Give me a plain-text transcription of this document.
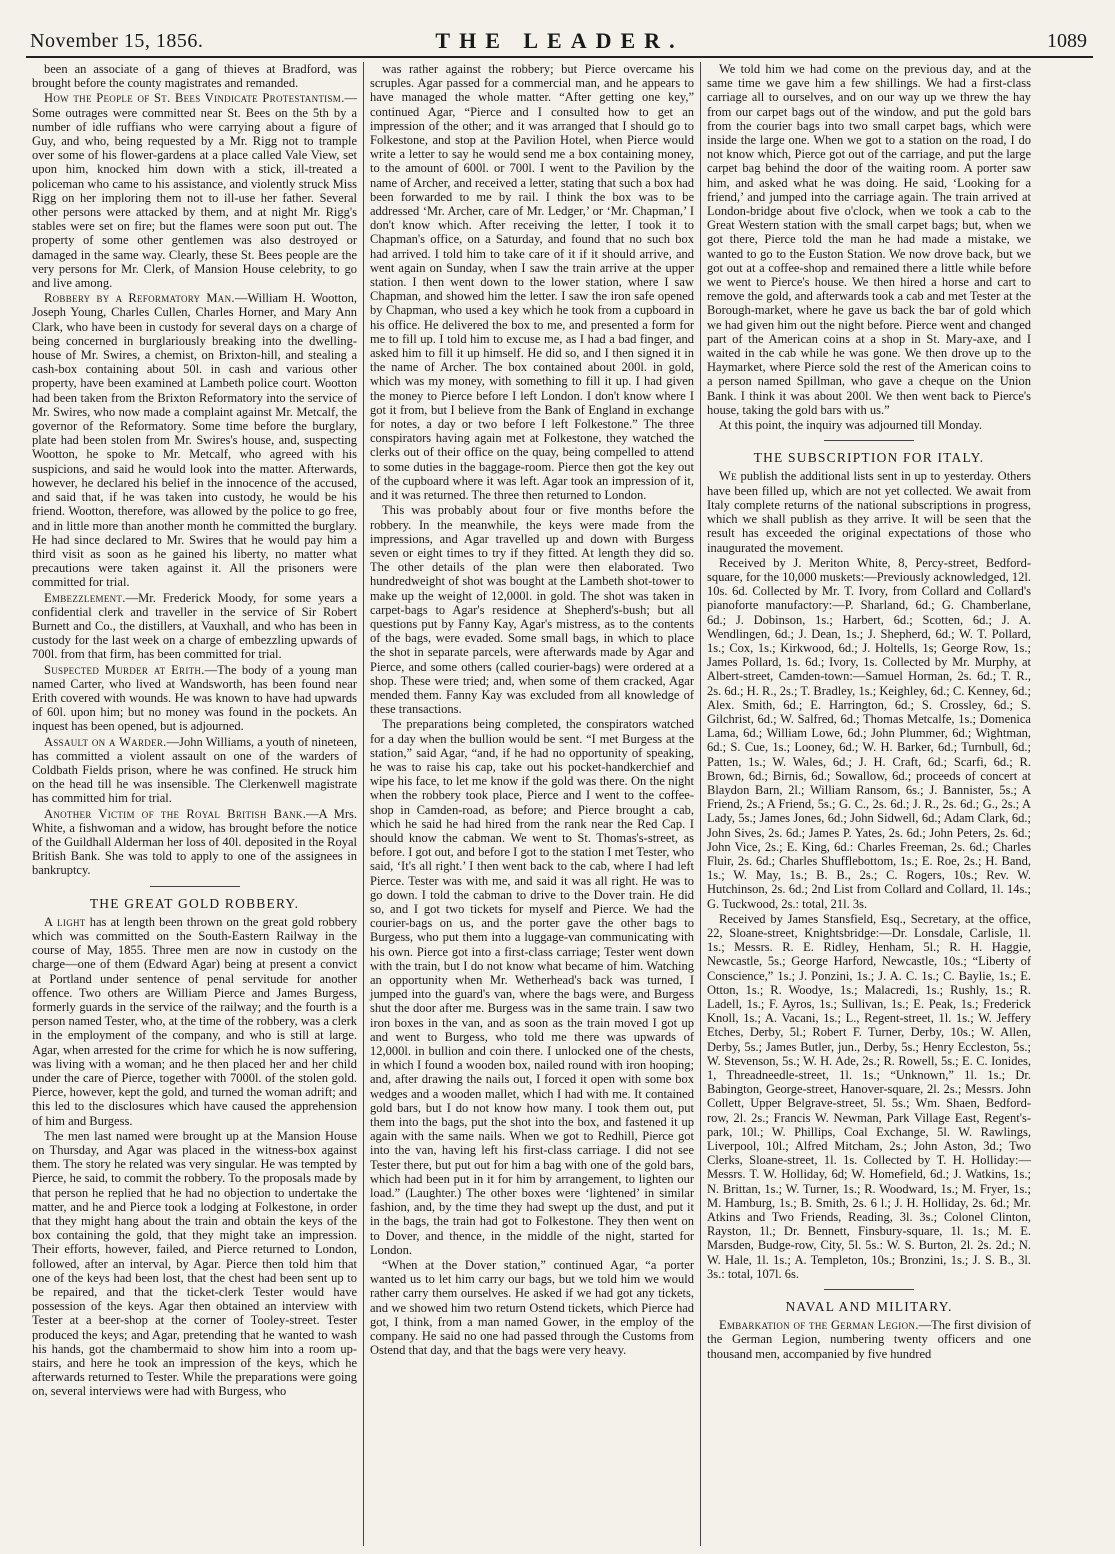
November 15, 1856.	THE LEADER.	1089

been an associate of a gang of thieves at Bradford, was brought before the county magistrates and remanded.

How the People of St. Bees Vindicate Protestantism.—Some outrages were committed near St. Bees on the 5th by a number of idle ruffians who were carrying about a figure of Guy, and who, being requested by a Mr. Rigg not to trample over some of his flower-gardens at a place called Vale View, set upon him, knocked him down with a stick, ill-treated a policeman who came to his assistance, and violently struck Miss Rigg on her imploring them not to ill-use her father. Several other persons were attacked by them, and at night Mr. Rigg's stables were set on fire; but the flames were soon put out. The property of some other gentlemen was also destroyed or damaged in the same way. Clearly, these St. Bees people are the very persons for Mr. Clerk, of Mansion House celebrity, to go and live among.

Robbery by a Reformatory Man.—William H. Wootton, Joseph Young, Charles Cullen, Charles Horner, and Mary Ann Clark, who have been in custody for several days on a charge of being concerned in burglariously breaking into the dwelling-house of Mr. Swires, a chemist, on Brixton-hill, and stealing a cash-box containing about 50l. in cash and various other property, have been examined at Lambeth police court. Wootton had been taken from the Brixton Reformatory into the service of Mr. Swires, who now made a complaint against Mr. Metcalf, the governor of the Reformatory. Some time before the burglary, plate had been stolen from Mr. Swires's house, and, suspecting Wootton, he spoke to Mr. Metcalf, who agreed with his suspicions, and said he would look into the matter. Afterwards, however, he declared his belief in the innocence of the accused, and said that, if he was taken into custody, he would be his friend. Wootton, therefore, was allowed by the police to go free, and in little more than another month he committed the burglary. He had since declared to Mr. Swires that he would pay him a third visit as soon as he gained his liberty, no matter what precautions were taken against it. All the prisoners were committed for trial.

Embezzlement.—Mr. Frederick Moody, for some years a confidential clerk and traveller in the service of Sir Robert Burnett and Co., the distillers, at Vauxhall, and who has been in custody for the last week on a charge of embezzling upwards of 700l. from that firm, has been committed for trial.

Suspected Murder at Erith.—The body of a young man named Carter, who lived at Wandsworth, has been found near Erith covered with wounds. He was known to have had upwards of 60l. upon him; but no money was found in the pockets. An inquest has been opened, but is adjourned.

Assault on a Warder.—John Williams, a youth of nineteen, has committed a violent assault on one of the warders of Coldbath Fields prison, where he was confined. He struck him on the head till he was insensible. The Clerkenwell magistrate has committed him for trial.

Another Victim of the Royal British Bank.—A Mrs. White, a fishwoman and a widow, has brought before the notice of the Guildhall Alderman her loss of 40l. deposited in the Royal British Bank. She was told to apply to one of the assignees in bankruptcy.

THE GREAT GOLD ROBBERY.

A light has at length been thrown on the great gold robbery which was committed on the South-Eastern Railway in the course of May, 1855. Three men are now in custody on the charge—one of them (Edward Agar) being at present a convict at Portland under sentence of penal servitude for another offence. Two others are William Pierce and James Burgess, formerly guards in the service of the railway; and the fourth is a person named Tester, who, at the time of the robbery, was a clerk in the employment of the company, and who is still at large. Agar, when arrested for the crime for which he is now suffering, was living with a woman; and he then placed her and her child under the care of Pierce, together with 7000l. of the stolen gold. Pierce, however, kept the gold, and turned the woman adrift; and this led to the disclosures which have caused the apprehension of him and Burgess.

The men last named were brought up at the Mansion House on Thursday, and Agar was placed in the witness-box against them. The story he related was very singular. He was tempted by Pierce, he said, to commit the robbery. To the proposals made by that person he replied that he had no objection to undertake the matter, and he and Pierce took a lodging at Folkestone, in order that they might hang about the train and obtain the keys of the box containing the gold, that they might take an impression. Their efforts, however, failed, and Pierce returned to London, followed, after an interval, by Agar. Pierce then told him that one of the keys had been lost, that the chest had been sent up to be repaired, and that the ticket-clerk Tester would have possession of the keys. Agar then obtained an interview with Tester at a beer-shop at the corner of Tooley-street. Tester produced the keys; and Agar, pretending that he wanted to wash his hands, got the chambermaid to show him into a room up-stairs, and here he took an impression of the keys, which he afterwards returned to Tester. While the preparations were going on, several interviews were had with Burgess, who

was rather against the robbery; but Pierce overcame his scruples. Agar passed for a commercial man, and he appears to have managed the whole matter. “After getting one key,” continued Agar, “Pierce and I consulted how to get an impression of the other; and it was arranged that I should go to Folkestone, and stop at the Pavilion Hotel, when Pierce would write a letter to say he would send me a box containing money, to the amount of 600l. or 700l. I went to the Pavilion by the name of Archer, and received a letter, stating that such a box had been forwarded to me by rail. I think the box was to be addressed ‘Mr. Archer, care of Mr. Ledger,’ or ‘Mr. Chapman,’ I don't know which. After receiving the letter, I took it to Chapman's office, on a Saturday, and found that no such box had arrived. I told him to take care of it if it should arrive, and went again on Sunday, when I saw the train arrive at the upper station. I then went down to the lower station, where I saw Chapman, and showed him the letter. I saw the iron safe opened by Chapman, who used a key which he took from a cupboard in his office. He delivered the box to me, and presented a form for me to fill up. I told him to excuse me, as I had a bad finger, and asked him to fill it up himself. He did so, and I then signed it in the name of Archer. The box contained about 200l. in gold, which was my money, with something to fill it up. I had given the money to Pierce before I left London. I don't know where I got it from, but I believe from the Bank of England in exchange for notes, a day or two before I left Folkestone.” The three conspirators having again met at Folkestone, they watched the clerks out of their office on the quay, being compelled to attend to some duties in the baggage-room. Pierce then got the key out of the cupboard where it was left. Agar took an impression of it, and it was returned. The three then returned to London.

This was probably about four or five months before the robbery. In the meanwhile, the keys were made from the impressions, and Agar travelled up and down with Burgess seven or eight times to try if they fitted. At length they did so. The other details of the plan were then elaborated. Two hundredweight of shot was bought at the Lambeth shot-tower to make up the weight of 12,000l. in gold. The shot was taken in carpet-bags to Agar's residence at Shepherd's-bush; but all questions put by Fanny Kay, Agar's mistress, as to the contents of the bags, were evaded. Some small bags, in which to place the shot in separate parcels, were afterwards made by Agar and Pierce, and some others (called courier-bags) were ordered at a shop. These were tried; and, when some of them cracked, Agar mended them. Fanny Kay was excluded from all knowledge of these transactions.

The preparations being completed, the conspirators watched for a day when the bullion would be sent. “I met Burgess at the station,” said Agar, “and, if he had no opportunity of speaking, he was to raise his cap, take out his pocket-handkerchief and wipe his face, to let me know if the gold was there. On the night when the robbery took place, Pierce and I went to the coffee-shop in Camden-road, as before; and Pierce brought a cab, which he said he had hired from the rank near the Red Cap. I should know the cabman. We went to St. Thomas's-street, as before. I got out, and before I got to the station I met Tester, who said, ‘It's all right.’ I then went back to the cab, where I had left Pierce. Tester was with me, and said it was all right. He was to go down. I told the cabman to drive to the Dover train. He did so, and I got two tickets for myself and Pierce. We had the courier-bags on us, and the porter gave the other bags to Burgess, who put them into a luggage-van communicating with his own. Pierce got into a first-class carriage; Tester went down with the train, but I do not know what became of him. Watching an opportunity when Mr. Wetherhead's back was turned, I jumped into the guard's van, where the bags were, and Burgess shut the door after me. Burgess was in the same train. I saw two iron boxes in the van, and as soon as the train moved I got up and went to Burgess, who told me there was upwards of 12,000l. in bullion and coin there. I unlocked one of the chests, in which I found a wooden box, nailed round with iron hooping; and, after drawing the nails out, I forced it open with some box wedges and a wooden mallet, which I had with me. It contained gold bars, but I do not know how many. I took them out, put them into the bags, put the shot into the box, and fastened it up again with the same nails. When we got to Redhill, Pierce got into the van, having left his first-class carriage. I did not see Tester there, but put out for him a bag with one of the gold bars, which had been put in it for him by arrangement, to lighten our load.” (Laughter.) The other boxes were ‘lightened’ in similar fashion, and, by the time they had swept up the dust, and put it in the bags, the train had got to Folkestone. They then went on to Dover, and thence, in the middle of the night, started for London.

“When at the Dover station,” continued Agar, “a porter wanted us to let him carry our bags, but we told him we would rather carry them ourselves. He asked if we had got any tickets, and we showed him two return Ostend tickets, which Pierce had got, I think, from a man named Gower, in the employ of the company. He said no one had passed through the Customs from Ostend that day, and that the bags were very heavy.

We told him we had come on the previous day, and at the same time we gave him a few shillings. We had a first-class carriage all to ourselves, and on our way up we threw the hay from our carpet bags out of the window, and put the gold bars from the courier bags into two small carpet bags, which were inside the large one. When we got to a station on the road, I do not know which, Pierce got out of the carriage, and put the large carpet bag behind the door of the waiting room. A porter saw him, and asked what he was doing. He said, ‘Looking for a friend,’ and jumped into the carriage again. The train arrived at London-bridge about five o'clock, when we took a cab to the Great Western station with the small carpet bags; but, when we got there, Pierce told the man he had made a mistake, we wanted to go to the Euston Station. We now drove back, but we got out at a coffee-shop and remained there a little while before we went to Pierce's house. We then hired a horse and cart to remove the gold, and afterwards took a cab and met Tester at the Borough-market, where he gave us back the bar of gold which we had given him out the night before. Pierce went and changed part of the American coins at a shop in St. Mary-axe, and I waited in the cab while he was gone. We then drove up to the Haymarket, where Pierce sold the rest of the American coins to a person named Spillman, who gave a cheque on the Union Bank. I think it was about 200l. We then went back to Pierce's house, taking the gold bars with us.”

At this point, the inquiry was adjourned till Monday.

THE SUBSCRIPTION FOR ITALY.

We publish the additional lists sent in up to yesterday. Others have been filled up, which are not yet collected. We await from Italy complete returns of the national subscriptions in progress, which we shall publish as they arrive. It will be seen that the result has exceeded the original expectations of those who inaugurated the movement.

Received by J. Meriton White, 8, Percy-street, Bedford-square, for the 10,000 muskets:—Previously acknowledged, 12l. 10s. 6d. Collected by Mr. T. Ivory, from Collard and Collard's pianoforte manufactory:—P. Sharland, 6d.; G. Chamberlane, 6d.; J. Dobinson, 1s.; Harbert, 6d.; Scotten, 6d.; J. A. Wendlingen, 6d.; J. Dean, 1s.; J. Shepherd, 6d.; W. T. Pollard, 1s.; Cox, 1s.; Kirkwood, 6d.; J. Holtells, 1s; George Row, 1s.; James Pollard, 1s. 6d.; Ivory, 1s. Collected by Mr. Murphy, at Albert-street, Camden-town:—Samuel Horman, 2s. 6d.; T. R., 2s. 6d.; H. R., 2s.; T. Bradley, 1s.; Keighley, 6d.; C. Kenney, 6d.; Alex. Smith, 6d.; E. Harrington, 6d.; S. Crossley, 6d.; S. Gilchrist, 6d.; W. Salfred, 6d.; Thomas Metcalfe, 1s.; Domenica Lama, 6d.; William Lowe, 6d.; John Plummer, 6d.; Wightman, 6d.; S. Cue, 1s.; Looney, 6d.; W. H. Barker, 6d.; Turnbull, 6d.; Patten, 1s.; W. Wales, 6d.; J. H. Craft, 6d.; Scarfi, 6d.; R. Brown, 6d.; Birnis, 6d.; Sowallow, 6d.; proceeds of concert at Blaydon Barn, 2l.; William Ransom, 6s.; J. Bannister, 5s.; A Friend, 2s.; A Friend, 5s.; G. C., 2s. 6d.; J. R., 2s. 6d.; G., 2s.; A Lady, 5s.; James Jones, 6d.; John Sidwell, 6d.; Adam Clark, 6d.; John Sives, 2s. 6d.; James P. Yates, 2s. 6d.; John Peters, 2s. 6d.; John Vice, 2s.; E. King, 6d.: Charles Freeman, 2s. 6d.; Charles Fluir, 2s. 6d.; Charles Shufflebottom, 1s.; E. Roe, 2s.; H. Band, 1s.; W. May, 1s.; B. B., 2s.; C. Rogers, 10s.; Rev. W. Hutchinson, 2s. 6d.; 2nd List from Collard and Collard, 1l. 14s.; G. Tuckwood, 2s.: total, 21l. 3s.

Received by James Stansfield, Esq., Secretary, at the office, 22, Sloane-street, Knightsbridge:—Dr. Lonsdale, Carlisle, 1l. 1s.; Messrs. R. E. Ridley, Henham, 5l.; R. H. Haggie, Newcastle, 5s.; George Harford, Newcastle, 10s.; “Liberty of Conscience,” 1s.; J. Ponzini, 1s.; J. A. C. 1s.; C. Baylie, 1s.; E. Otton, 1s.; R. Woodye, 1s.; Malacredi, 1s.; Rushly, 1s.; R. Ladell, 1s.; F. Ayros, 1s.; Sullivan, 1s.; E. Peak, 1s.; Frederick Knoll, 1s.; A. Vacani, 1s.; L., Regent-street, 1l. 1s.; W. Jeffery Etches, Derby, 5l.; Robert F. Turner, Derby, 10s.; W. Allen, Derby, 5s.; James Butler, jun., Derby, 5s.; Henry Eccleston, 5s.; W. Stevenson, 5s.; W. H. Ade, 2s.; R. Rowell, 5s.; E. C. Ionides, 1, Threadneedle-street, 1l. 1s.; “Unknown,” 1l. 1s.; Dr. Babington, George-street, Hanover-square, 2l. 2s.; Messrs. John Collett, Upper Belgrave-street, 5l. 5s.; Wm. Shaen, Bedford-row, 2l. 2s.; Francis W. Newman, Park Village East, Regent's-park, 10l.; W. Phillips, Coal Exchange, 5l. W. Rawlings, Liverpool, 10l.; Alfred Mitcham, 2s.; John Aston, 3d.; Two Clerks, Sloane-street, 1l. 1s. Collected by T. H. Holliday:—Messrs. T. W. Holliday, 6d; W. Homefield, 6d.; J. Watkins, 1s.; N. Brittan, 1s.; W. Turner, 1s.; R. Woodward, 1s.; M. Fryer, 1s.; M. Hamburg, 1s.; B. Smith, 2s. 6 l.; J. H. Holliday, 2s. 6d.; Mr. Atkins and Two Friends, Reading, 3l. 3s.; Colonel Clinton, Rayston, 1l.; Dr. Bennett, Finsbury-square, 1l. 1s.; M. E. Marsden, Budge-row, City, 5l. 5s.: W. S. Burton, 2l. 2s. 2d.; N. W. Hale, 1l. 1s.; A. Templeton, 10s.; Bronzini, 1s.; J. S. B., 3l. 3s.: total, 107l. 6s.

NAVAL AND MILITARY.

Embarkation of the German Legion.—The first division of the German Legion, numbering twenty officers and one thousand men, accompanied by five hundred
